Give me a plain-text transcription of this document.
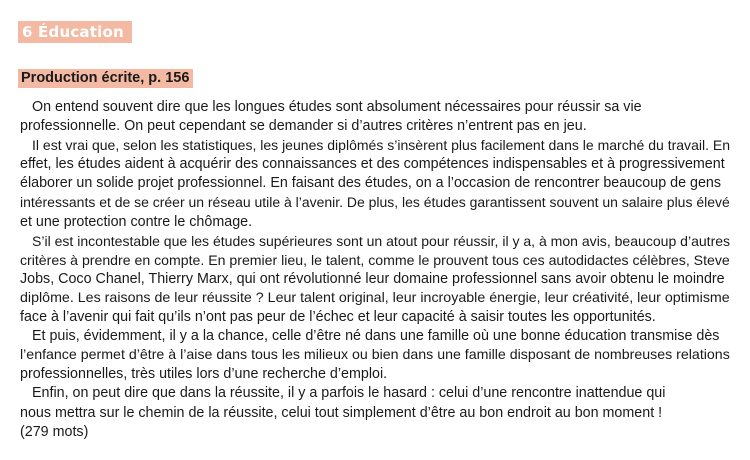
6 Éducation
Production écrite, p. 156
On entend souvent dire que les longues études sont absolument nécessaires pour réussir sa vie
professionnelle. On peut cependant se demander si d’autres critères n’entrent pas en jeu.
Il est vrai que, selon les statistiques, les jeunes diplômés s’insèrent plus facilement dans le marché du travail. En
effet, les études aident à acquérir des connaissances et des compétences indispensables et à progressivement
élaborer un solide projet professionnel. En faisant des études, on a l’occasion de rencontrer beaucoup de gens
intéressants et de se créer un réseau utile à l’avenir. De plus, les études garantissent souvent un salaire plus élevé
et une protection contre le chômage.
S’il est incontestable que les études supérieures sont un atout pour réussir, il y a, à mon avis, beaucoup d’autres
critères à prendre en compte. En premier lieu, le talent, comme le prouvent tous ces autodidactes célèbres, Steve
Jobs, Coco Chanel, Thierry Marx, qui ont révolutionné leur domaine professionnel sans avoir obtenu le moindre
diplôme. Les raisons de leur réussite ? Leur talent original, leur incroyable énergie, leur créativité, leur optimisme
face à l’avenir qui fait qu’ils n’ont pas peur de l’échec et leur capacité à saisir toutes les opportunités.
Et puis, évidemment, il y a la chance, celle d’être né dans une famille où une bonne éducation transmise dès
l’enfance permet d’être à l’aise dans tous les milieux ou bien dans une famille disposant de nombreuses relations
professionnelles, très utiles lors d’une recherche d’emploi.
Enfin, on peut dire que dans la réussite, il y a parfois le hasard : celui d’une rencontre inattendue qui
nous mettra sur le chemin de la réussite, celui tout simplement d’être au bon endroit au bon moment !
(279 mots)
